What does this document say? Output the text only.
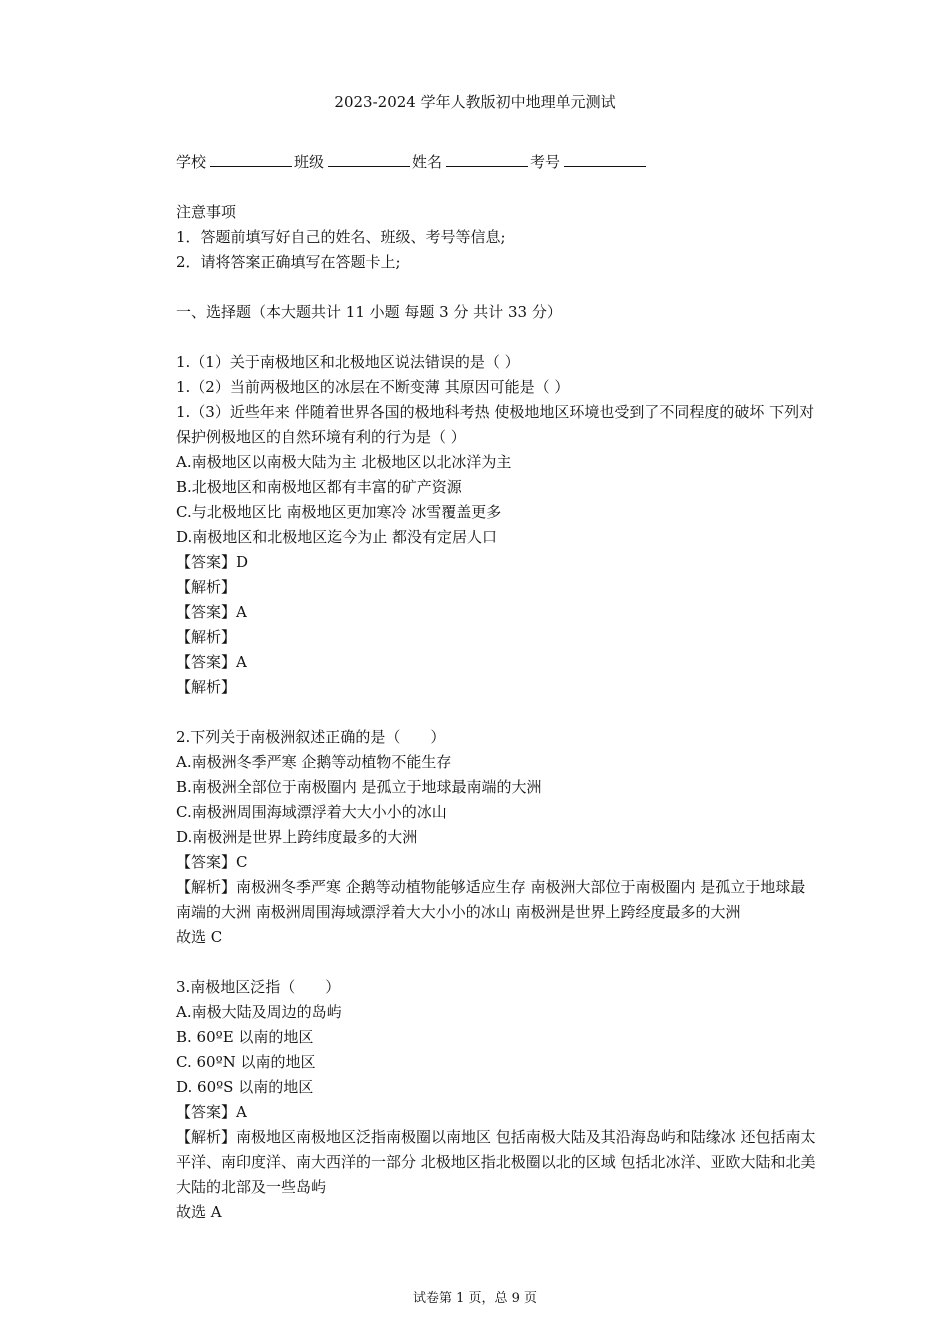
2023-2024 学年人教版初中地理单元测试
学校	班级	姓名	考号
注意事项
1．答题前填写好自己的姓名、班级、考号等信息;
2．请将答案正确填写在答题卡上;
一、选择题（本大题共计 11 小题 每题 3 分 共计 33 分）
1.（1）关于南极地区和北极地区说法错误的是（ ）
1.（2）当前两极地区的冰层在不断变薄 其原因可能是（ ）
1.（3）近些年来 伴随着世界各国的极地科考热 使极地地区环境也受到了不同程度的破坏 下列对保护例极地区的自然环境有利的行为是（ ）
A.南极地区以南极大陆为主 北极地区以北冰洋为主
B.北极地区和南极地区都有丰富的矿产资源
C.与北极地区比 南极地区更加寒冷 冰雪覆盖更多
D.南极地区和北极地区迄今为止 都没有定居人口
【答案】D
【解析】
【答案】A
【解析】
【答案】A
【解析】
2.下列关于南极洲叙述正确的是（　　）
A.南极洲冬季严寒 企鹅等动植物不能生存
B.南极洲全部位于南极圈内 是孤立于地球最南端的大洲
C.南极洲周围海域漂浮着大大小小的冰山
D.南极洲是世界上跨纬度最多的大洲
【答案】C
【解析】南极洲冬季严寒 企鹅等动植物能够适应生存 南极洲大部位于南极圈内 是孤立于地球最南端的大洲 南极洲周围海域漂浮着大大小小的冰山 南极洲是世界上跨经度最多的大洲
故选 C
3.南极地区泛指（　　）
A.南极大陆及周边的岛屿
B. 60ºE 以南的地区
C. 60ºN 以南的地区
D. 60ºS 以南的地区
【答案】A
【解析】南极地区南极地区泛指南极圈以南地区 包括南极大陆及其沿海岛屿和陆缘冰 还包括南太平洋、南印度洋、南大西洋的一部分 北极地区指北极圈以北的区域 包括北冰洋、亚欧大陆和北美大陆的北部及一些岛屿
故选 A
试卷第 1 页，总 9 页
